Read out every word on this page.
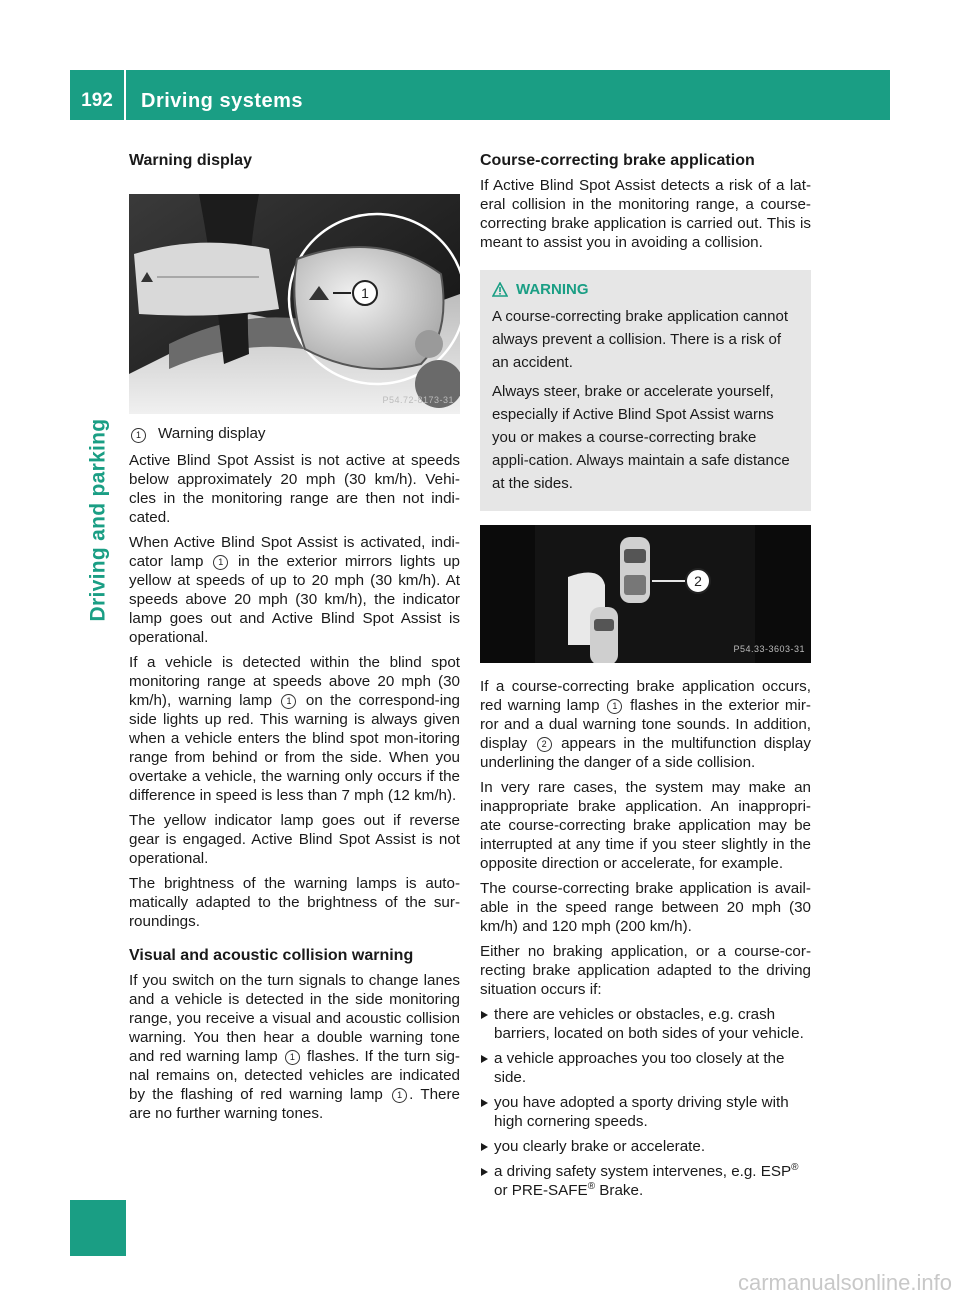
192	Driving systems
Driving and parking
Warning display
1
P54.72-8173-31
1	Warning display

Active Blind Spot Assist is not active at speeds below approximately 20 mph (30 km/h). Vehi-cles in the monitoring range are then not indi-cated.

When Active Blind Spot Assist is activated, indi-cator lamp 1 in the exterior mirrors lights up yellow at speeds of up to 20 mph (30 km/h). At speeds above 20 mph (30 km/h), the indicator lamp goes out and Active Blind Spot Assist is operational.

If a vehicle is detected within the blind spot monitoring range at speeds above 20 mph (30 km/h), warning lamp 1 on the correspond-ing side lights up red. This warning is always given when a vehicle enters the blind spot mon-itoring range from behind or from the side. When you overtake a vehicle, the warning only occurs if the difference in speed is less than 7 mph (12 km/h).

The yellow indicator lamp goes out if reverse gear is engaged. Active Blind Spot Assist is not operational.

The brightness of the warning lamps is auto-matically adapted to the brightness of the sur-roundings.

Visual and acoustic collision warning

If you switch on the turn signals to change lanes and a vehicle is detected in the side monitoring range, you receive a visual and acoustic collision warning. You then hear a double warning tone and red warning lamp 1 flashes. If the turn sig-nal remains on, detected vehicles are indicated by the flashing of red warning lamp 1 . There are no further warning tones.

Course-correcting brake application

If Active Blind Spot Assist detects a risk of a lat-eral collision in the monitoring range, a course-correcting brake application is carried out. This is meant to assist you in avoiding a collision.

WARNING

A course-correcting brake application cannot always prevent a collision. There is a risk of an accident.

Always steer, brake or accelerate yourself, especially if Active Blind Spot Assist warns you or makes a course-correcting brake appli-cation. Always maintain a safe distance at the sides.

2
P54.33-3603-31

If a course-correcting brake application occurs, red warning lamp 1 flashes in the exterior mir-ror and a dual warning tone sounds. In addition, display 2 appears in the multifunction display underlining the danger of a side collision.

In very rare cases, the system may make an inappropriate brake application. An inappropri-ate course-correcting brake application may be interrupted at any time if you steer slightly in the opposite direction or accelerate, for example.

The course-correcting brake application is avail-able in the speed range between 20 mph (30 km/h) and 120 mph (200 km/h).

Either no braking application, or a course-cor-recting brake application adapted to the driving situation occurs if:

there are vehicles or obstacles, e.g. crash barriers, located on both sides of your vehicle.
a vehicle approaches you too closely at the side.
you have adopted a sporty driving style with high cornering speeds.
you clearly brake or accelerate.
a driving safety system intervenes, e.g. ESP® or PRE-SAFE® Brake.
carmanualsonline.info
